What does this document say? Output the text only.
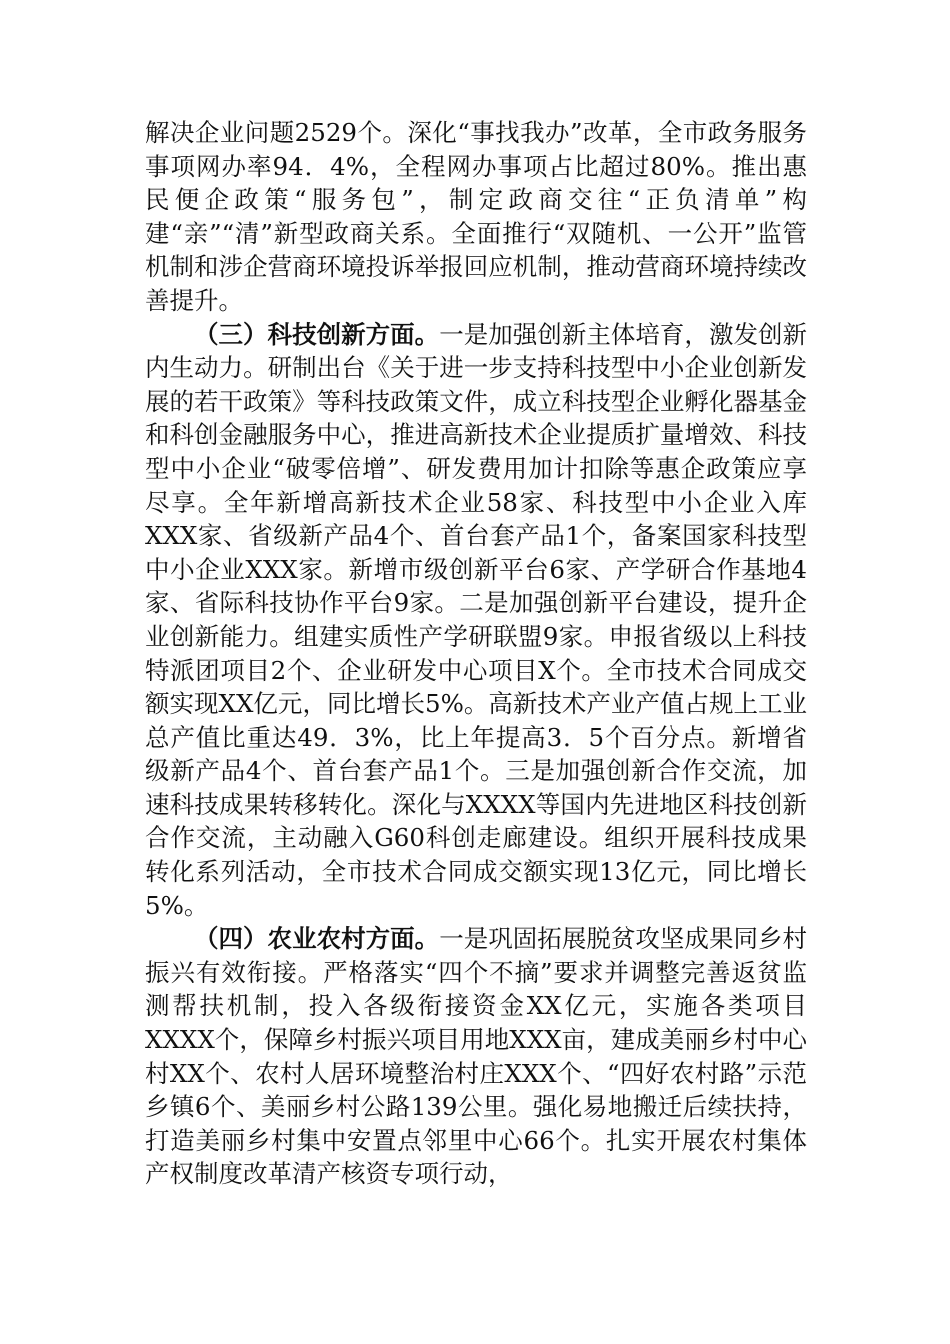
解决企业问题2529个。深化“事找我办”改革，全市政务服务事项网办率94．4%，全程网办事项占比超过80%。推出惠民便企政策“服务包”，制定政商交往“正负清单”构建“亲”“清”新型政商关系。全面推行“双随机、一公开”监管机制和涉企营商环境投诉举报回应机制，推动营商环境持续改善提升。

（三）科技创新方面。一是加强创新主体培育，激发创新内生动力。研制出台《关于进一步支持科技型中小企业创新发展的若干政策》等科技政策文件，成立科技型企业孵化器基金和科创金融服务中心，推进高新技术企业提质扩量增效、科技型中小企业“破零倍增”、研发费用加计扣除等惠企政策应享尽享。全年新增高新技术企业58家、科技型中小企业入库XXX家、省级新产品4个、首台套产品1个，备案国家科技型中小企业XXX家。新增市级创新平台6家、产学研合作基地4家、省际科技协作平台9家。二是加强创新平台建设，提升企业创新能力。组建实质性产学研联盟9家。申报省级以上科技特派团项目2个、企业研发中心项目X个。全市技术合同成交额实现XX亿元，同比增长5%。高新技术产业产值占规上工业总产值比重达49．3%，比上年提高3．5个百分点。新增省级新产品4个、首台套产品1个。三是加强创新合作交流，加速科技成果转移转化。深化与XXXX等国内先进地区科技创新合作交流，主动融入G60科创走廊建设。组织开展科技成果转化系列活动，全市技术合同成交额实现13亿元，同比增长5%。

（四）农业农村方面。一是巩固拓展脱贫攻坚成果同乡村振兴有效衔接。严格落实“四个不摘”要求并调整完善返贫监测帮扶机制，投入各级衔接资金XX亿元，实施各类项目XXXX个，保障乡村振兴项目用地XXX亩，建成美丽乡村中心村XX个、农村人居环境整治村庄XXX个、“四好农村路”示范乡镇6个、美丽乡村公路139公里。强化易地搬迁后续扶持，打造美丽乡村集中安置点邻里中心66个。扎实开展农村集体产权制度改革清产核资专项行动，
